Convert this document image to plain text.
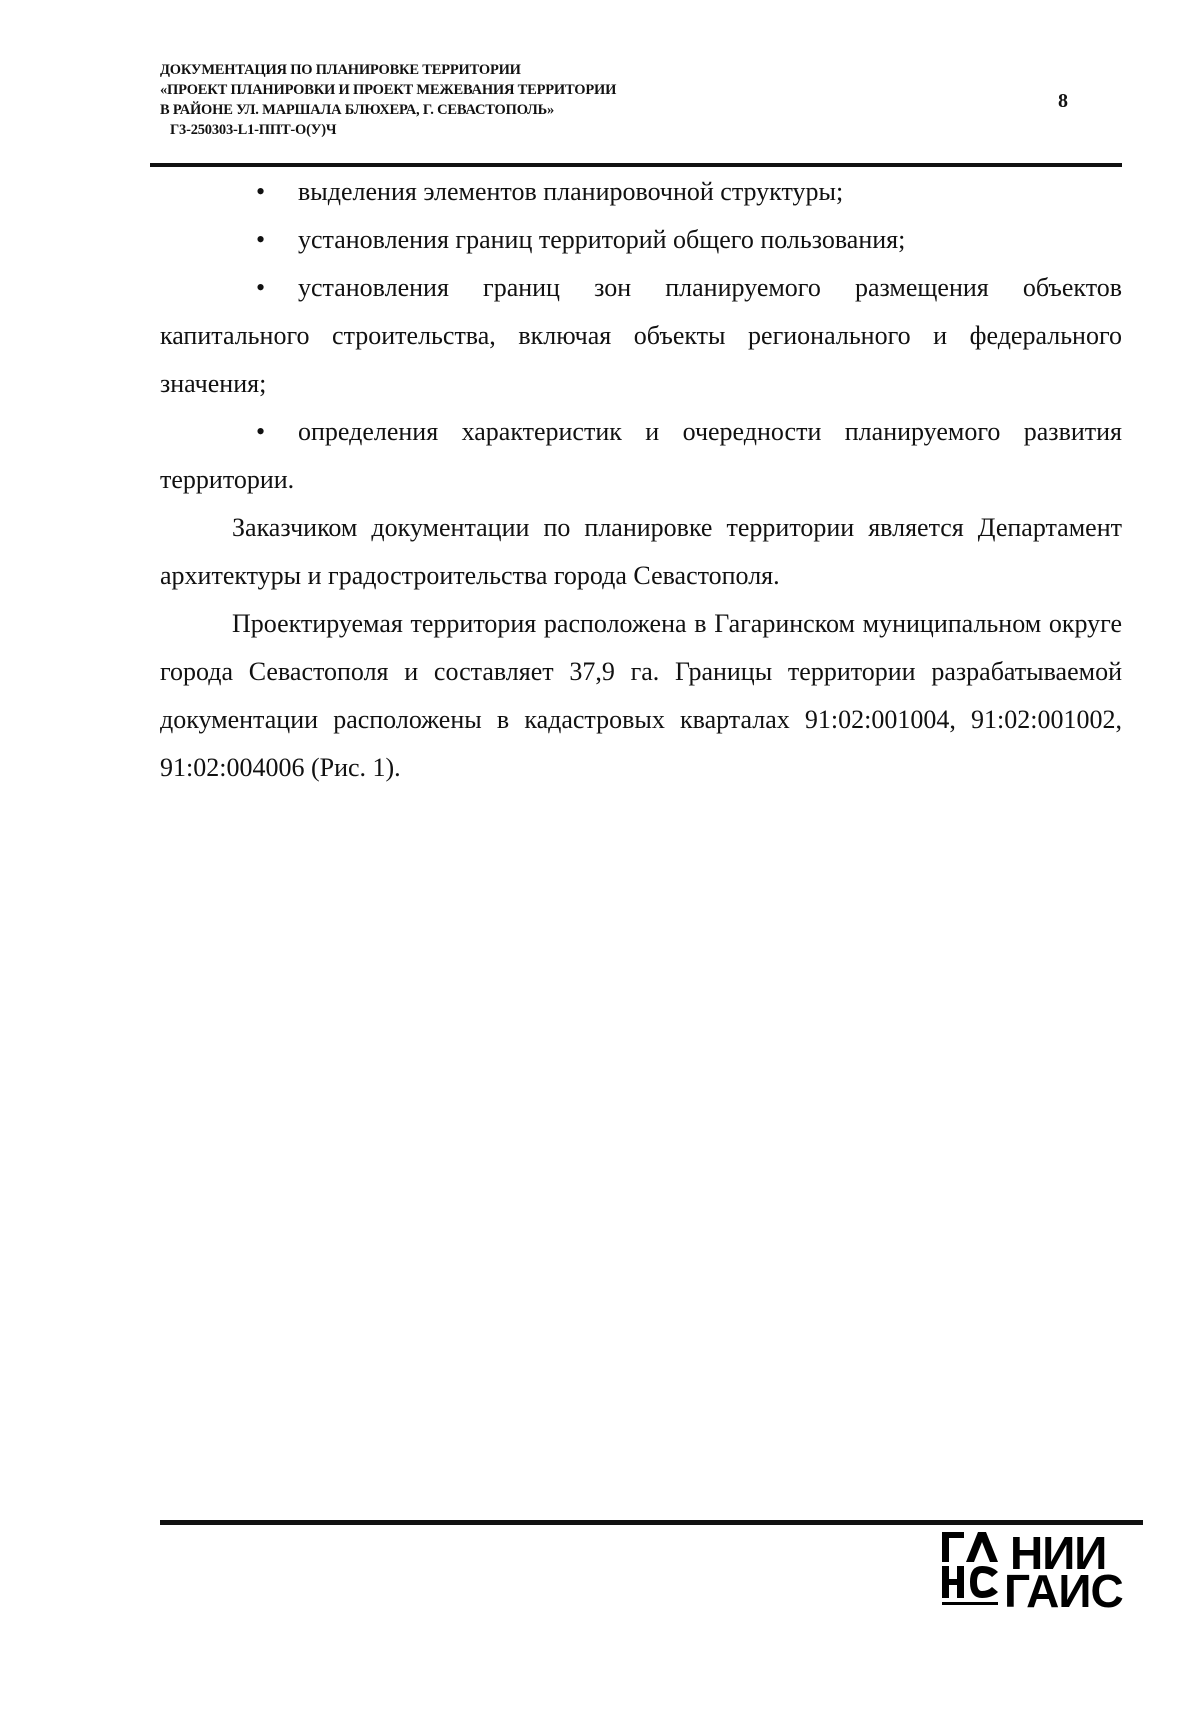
ДОКУМЕНТАЦИЯ ПО ПЛАНИРОВКЕ ТЕРРИТОРИИ
«ПРОЕКТ ПЛАНИРОВКИ И ПРОЕКТ МЕЖЕВАНИЯ ТЕРРИТОРИИ
В РАЙОНЕ УЛ. МАРШАЛА БЛЮХЕРА, Г. СЕВАСТОПОЛЬ»
Г3-250303-L1-ППТ-О(У)Ч
8
• выделения элементов планировочной структуры;
• установления границ территорий общего пользования;
• установления границ зон планируемого размещения объектов капитального строительства, включая объекты регионального и федерального значения;
• определения характеристик и очередности планируемого развития территории.

Заказчиком документации по планировке территории является Департамент архитектуры и градостроительства города Севастополя.

Проектируемая территория расположена в Гагаринском муниципальном округе города Севастополя и составляет 37,9 га. Границы территории разрабатываемой документации расположены в кадастровых кварталах 91:02:001004, 91:02:001002, 91:02:004006 (Рис. 1).

НИИ
ГАИС
